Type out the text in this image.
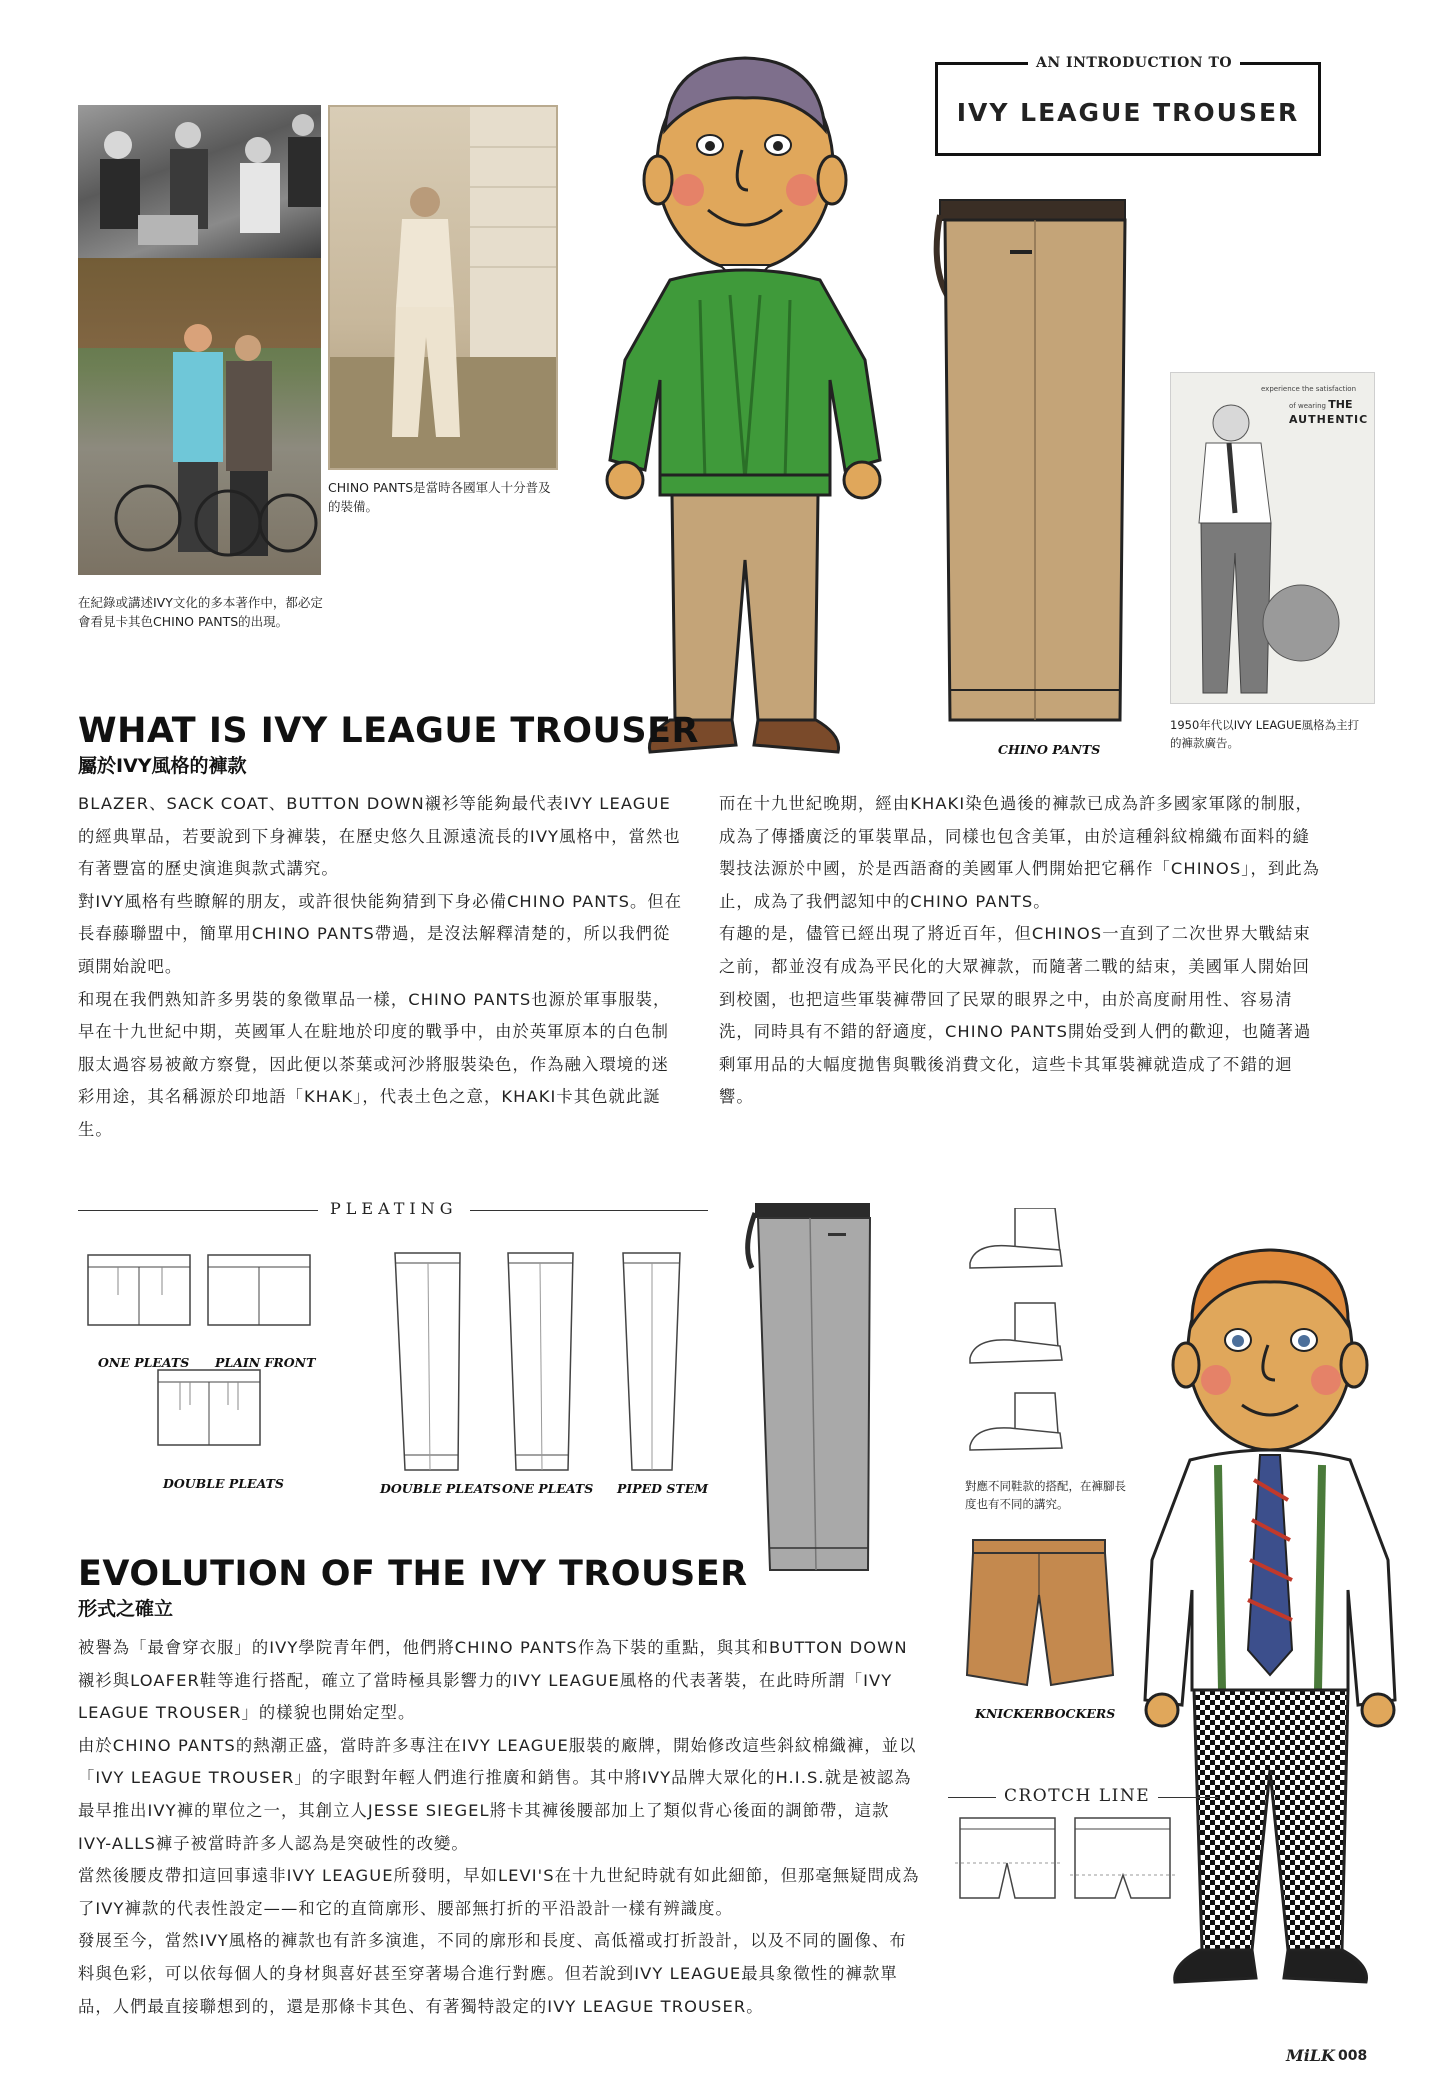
CHINO PANTS是當時各國軍人十分普及的裝備。
在紀錄或講述IVY文化的多本著作中，都必定會看見卡其色CHINO PANTS的出現。
AN INTRODUCTION TO
IVY LEAGUE TROUSER
CHINO PANTS
experience the satisfaction
of wearing THE
AUTHENTIC
1950年代以IVY LEAGUE風格為主打的褲款廣告。
WHAT IS IVY LEAGUE TROUSER
屬於IVY風格的褲款

BLAZER、SACK COAT、BUTTON DOWN襯衫等能夠最代表IVY LEAGUE的經典單品，若要說到下身褲裝，在歷史悠久且源遠流長的IVY風格中，當然也有著豐富的歷史演進與款式講究。

對IVY風格有些瞭解的朋友，或許很快能夠猜到下身必備CHINO PANTS。但在長春藤聯盟中，簡單用CHINO PANTS帶過，是沒法解釋清楚的，所以我們從頭開始說吧。

和現在我們熟知許多男裝的象徵單品一樣，CHINO PANTS也源於軍事服裝，早在十九世紀中期，英國軍人在駐地於印度的戰爭中，由於英軍原本的白色制服太過容易被敵方察覺，因此便以茶葉或河沙將服裝染色，作為融入環境的迷彩用途，其名稱源於印地語「KHAK」，代表土色之意，KHAKI卡其色就此誕生。

而在十九世紀晚期，經由KHAKI染色過後的褲款已成為許多國家軍隊的制服，成為了傳播廣泛的軍裝單品，同樣也包含美軍，由於這種斜紋棉織布面料的縫製技法源於中國，於是西語裔的美國軍人們開始把它稱作「CHINOS」，到此為止，成為了我們認知中的CHINO PANTS。

有趣的是，儘管已經出現了將近百年，但CHINOS一直到了二次世界大戰結束之前，都並沒有成為平民化的大眾褲款，而隨著二戰的結束，美國軍人開始回到校園，也把這些軍裝褲帶回了民眾的眼界之中，由於高度耐用性、容易清洗，同時具有不錯的舒適度，CHINO PANTS開始受到人們的歡迎，也隨著過剩軍用品的大幅度拋售與戰後消費文化，這些卡其軍裝褲就造成了不錯的迴響。

PLEATING
ONE PLEATS PLAIN FRONT
DOUBLE PLEATS	DOUBLE PLEATS ONE PLEATS PIPED STEM	對應不同鞋款的搭配，在褲腳長度也有不同的講究。
KNICKERBOCKERS
CROTCH LINE
EVOLUTION OF THE IVY TROUSER
形式之確立

被譽為「最會穿衣服」的IVY學院青年們，他們將CHINO PANTS作為下裝的重點，與其和BUTTON DOWN襯衫與LOAFER鞋等進行搭配，確立了當時極具影響力的IVY LEAGUE風格的代表著裝，在此時所謂「IVY LEAGUE TROUSER」的樣貌也開始定型。

由於CHINO PANTS的熱潮正盛，當時許多專注在IVY LEAGUE服裝的廠牌，開始修改這些斜紋棉織褲，並以「IVY LEAGUE TROUSER」的字眼對年輕人們進行推廣和銷售。其中將IVY品牌大眾化的H.I.S.就是被認為最早推出IVY褲的單位之一，其創立人JESSE SIEGEL將卡其褲後腰部加上了類似背心後面的調節帶，這款IVY-ALLS褲子被當時許多人認為是突破性的改變。

當然後腰皮帶扣這回事遠非IVY LEAGUE所發明，早如LEVI'S在十九世紀時就有如此細節，但那毫無疑問成為了IVY褲款的代表性設定——和它的直筒廓形、腰部無打折的平沿設計一樣有辨識度。

發展至今，當然IVY風格的褲款也有許多演進，不同的廓形和長度、高低襠或打折設計，以及不同的圖像、布料與色彩，可以依每個人的身材與喜好甚至穿著場合進行對應。但若說到IVY LEAGUE最具象徵性的褲款單品，人們最直接聯想到的，還是那條卡其色、有著獨特設定的IVY LEAGUE TROUSER。

MiLK 008
